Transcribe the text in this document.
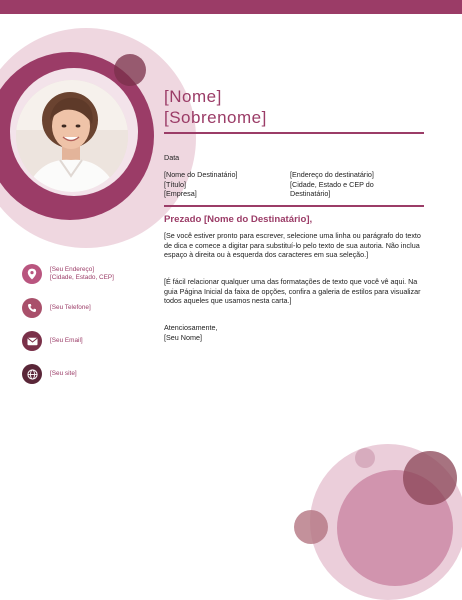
[Nome]
[Sobrenome]
Data
[Nome do Destinatário]
[Título]
[Empresa]
[Endereço do destinatário]
[Cidade, Estado e CEP do
Destinatário]
Prezado [Nome do Destinatário],
[Se você estiver pronto para escrever, selecione uma linha ou parágrafo do texto de dica e comece a digitar para substituí-lo pelo texto de sua autoria. Não inclua espaço à direita ou à esquerda dos caracteres em sua seleção.]
[É fácil relacionar qualquer uma das formatações de texto que você vê aqui. Na guia Página Inicial da faixa de opções, confira a galeria de estilos para visualizar todos aqueles que usamos nesta carta.]
Atenciosamente,
[Seu Nome]
[Seu Endereço]
[Cidade, Estado, CEP]
[Seu Telefone]
[Seu Email]
[Seu site]
